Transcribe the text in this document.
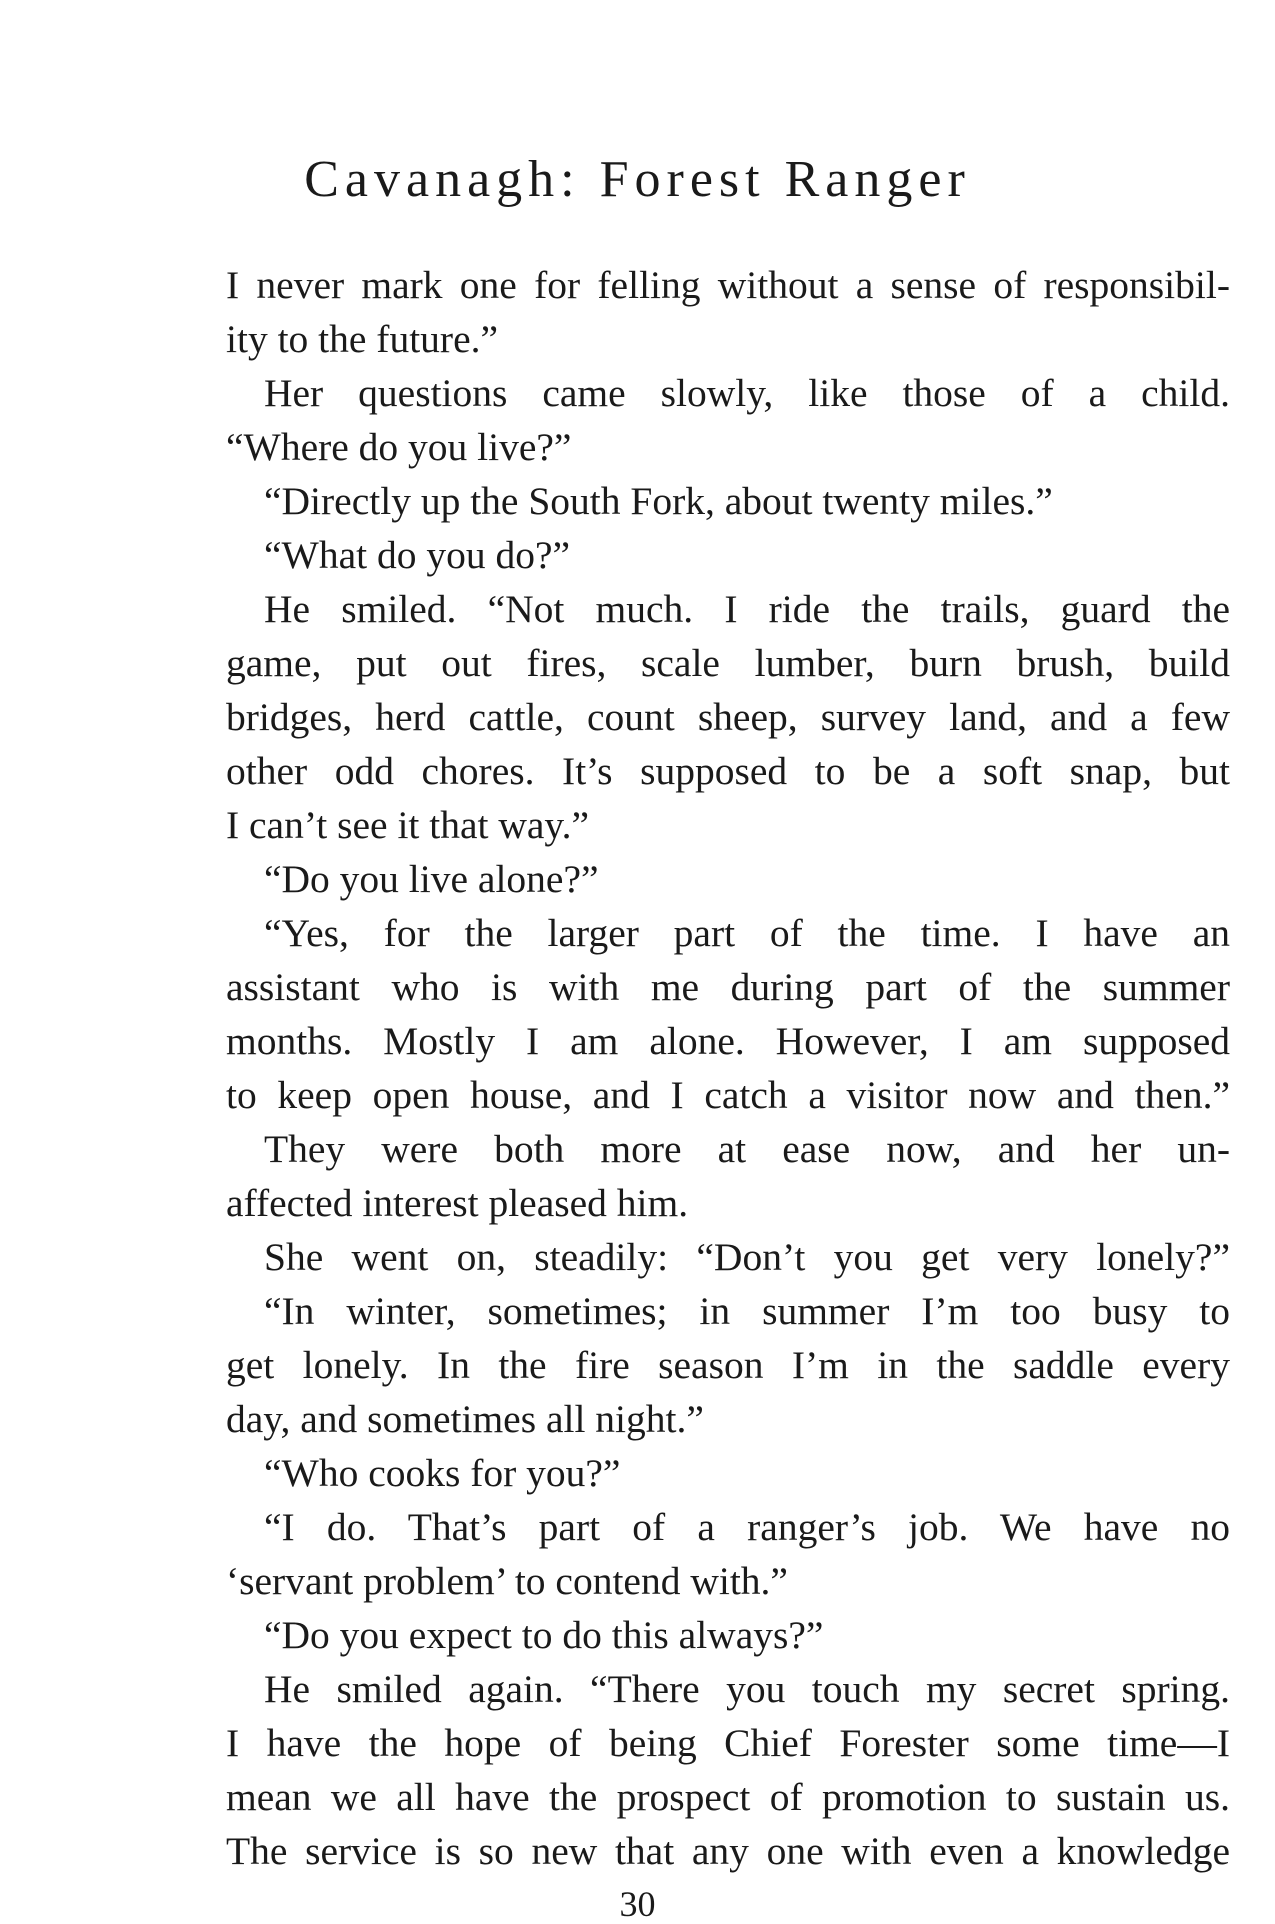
Cavanagh: Forest Ranger
I never mark one for felling without a sense of responsibil-
ity to the future.”
Her questions came slowly, like those of a child.
“Where do you live?”
“Directly up the South Fork, about twenty miles.”
“What do you do?”
He smiled. “Not much. I ride the trails, guard the
game, put out fires, scale lumber, burn brush, build
bridges, herd cattle, count sheep, survey land, and a few
other odd chores. It’s supposed to be a soft snap, but
I can’t see it that way.”
“Do you live alone?”
“Yes, for the larger part of the time. I have an
assistant who is with me during part of the summer
months. Mostly I am alone. However, I am supposed
to keep open house, and I catch a visitor now and then.”
They were both more at ease now, and her un-
affected interest pleased him.
She went on, steadily: “Don’t you get very lonely?”
“In winter, sometimes; in summer I’m too busy to
get lonely. In the fire season I’m in the saddle every
day, and sometimes all night.”
“Who cooks for you?”
“I do. That’s part of a ranger’s job. We have no
‘servant problem’ to contend with.”
“Do you expect to do this always?”
He smiled again. “There you touch my secret spring.
I have the hope of being Chief Forester some time—I
mean we all have the prospect of promotion to sustain us.
The service is so new that any one with even a knowledge
30
